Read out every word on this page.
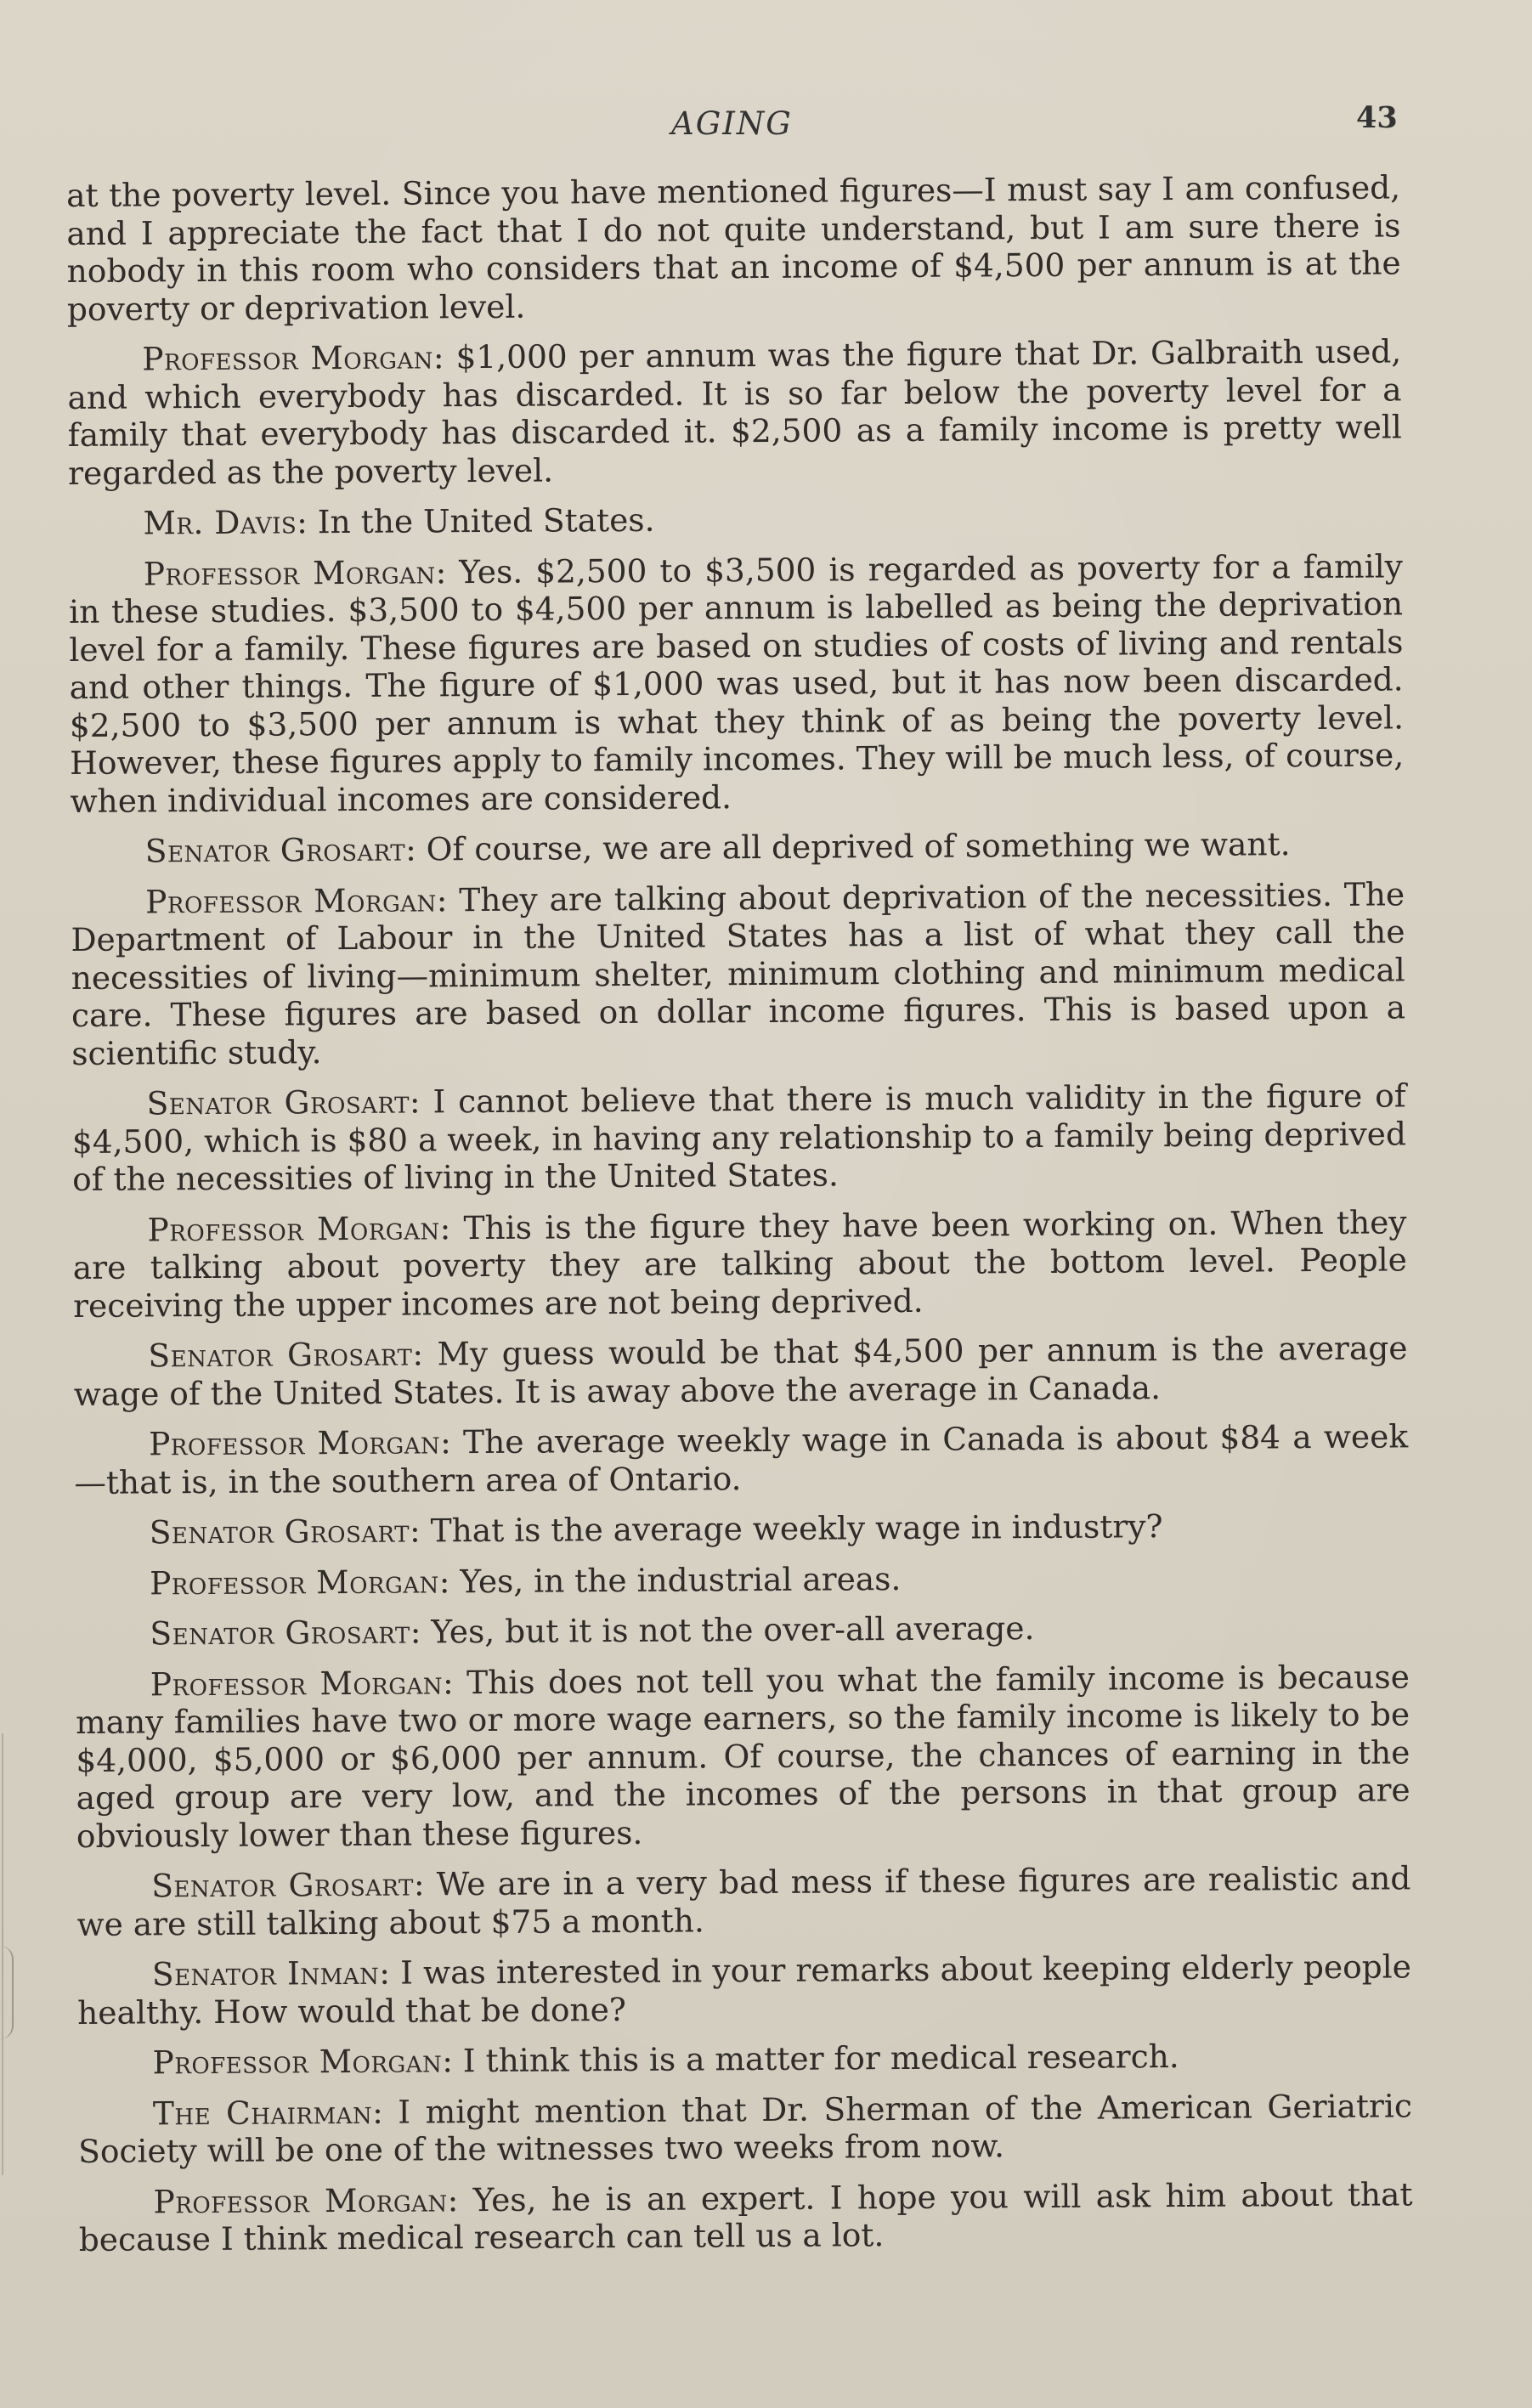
AGING	43

at the poverty level. Since you have mentioned figures—I must say I am confused, and I appreciate the fact that I do not quite understand, but I am sure there is nobody in this room who considers that an income of $4,500 per annum is at the poverty or deprivation level.

Professor Morgan: $1,000 per annum was the figure that Dr. Galbraith used, and which everybody has discarded. It is so far below the poverty level for a family that everybody has discarded it. $2,500 as a family income is pretty well regarded as the poverty level.

Mr. Davis: In the United States.

Professor Morgan: Yes. $2,500 to $3,500 is regarded as poverty for a family in these studies. $3,500 to $4,500 per annum is labelled as being the deprivation level for a family. These figures are based on studies of costs of living and rentals and other things. The figure of $1,000 was used, but it has now been discarded. $2,500 to $3,500 per annum is what they think of as being the poverty level. However, these figures apply to family incomes. They will be much less, of course, when individual incomes are considered.

Senator Grosart: Of course, we are all deprived of something we want.

Professor Morgan: They are talking about deprivation of the necessities. The Department of Labour in the United States has a list of what they call the necessities of living—minimum shelter, minimum clothing and minimum medical care. These figures are based on dollar income figures. This is based upon a scientific study.

Senator Grosart: I cannot believe that there is much validity in the figure of $4,500, which is $80 a week, in having any relationship to a family being deprived of the necessities of living in the United States.

Professor Morgan: This is the figure they have been working on. When they are talking about poverty they are talking about the bottom level. People receiving the upper incomes are not being deprived.

Senator Grosart: My guess would be that $4,500 per annum is the average wage of the United States. It is away above the average in Canada.

Professor Morgan: The average weekly wage in Canada is about $84 a week—that is, in the southern area of Ontario.

Senator Grosart: That is the average weekly wage in industry?

Professor Morgan: Yes, in the industrial areas.

Senator Grosart: Yes, but it is not the over-all average.

Professor Morgan: This does not tell you what the family income is because many families have two or more wage earners, so the family income is likely to be $4,000, $5,000 or $6,000 per annum. Of course, the chances of earning in the aged group are very low, and the incomes of the persons in that group are obviously lower than these figures.

Senator Grosart: We are in a very bad mess if these figures are realistic and we are still talking about $75 a month.

Senator Inman: I was interested in your remarks about keeping elderly people healthy. How would that be done?

Professor Morgan: I think this is a matter for medical research.

The Chairman: I might mention that Dr. Sherman of the American Geriatric Society will be one of the witnesses two weeks from now.

Professor Morgan: Yes, he is an expert. I hope you will ask him about that because I think medical research can tell us a lot.
